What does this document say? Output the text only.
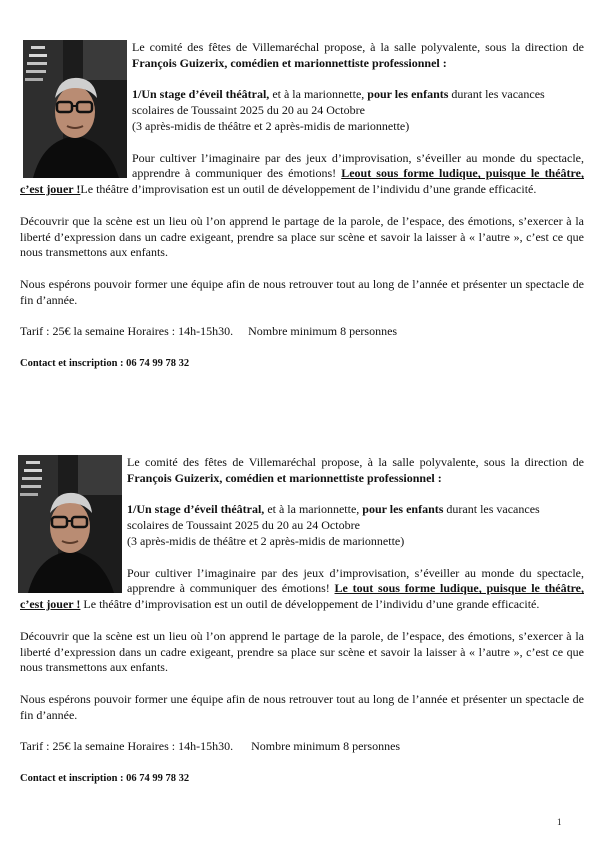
Le comité des fêtes de Villemaréchal propose, à la salle polyvalente, sous la direction de François Guizerix, comédien et marionnettiste professionnel :

1/Un stage d’éveil théâtral, et à la marionnette, pour les enfants durant les vacances scolaires de Toussaint 2025 du 20 au 24 Octobre
(3 après-midis de théâtre et 2 après-midis de marionnette)

Pour cultiver l’imaginaire par des jeux d’improvisation, s’éveiller au monde du spectacle, apprendre à communiquer des émotions! Leout sous forme ludique, puisque le théâtre, c’est jouer !Le théâtre d’improvisation est un outil de développement de l’individu d’une grande efficacité.

Découvrir que la scène est un lieu où l’on apprend le partage de la parole, de l’espace, des émotions, s’exercer à la liberté d’expression dans un cadre exigeant, prendre sa place sur scène et savoir la laisser à « l’autre », c’est ce que nous transmettons aux enfants.

Nous espérons pouvoir former une équipe afin de nous retrouver tout au long de l’année et présenter un spectacle de fin d’année.

Tarif : 25€ la semaine Horaires : 14h-15h30.     Nombre minimum 8 personnes

Contact et inscription : 06 74 99 78 32

Le comité des fêtes de Villemaréchal propose, à la salle polyvalente, sous la direction de François Guizerix, comédien et marionnettiste professionnel :

1/Un stage d’éveil théâtral, et à la marionnette, pour les enfants durant les vacances scolaires de Toussaint 2025 du 20 au 24 Octobre
(3 après-midis de théâtre et 2 après-midis de marionnette)

Pour cultiver l’imaginaire par des jeux d’improvisation, s’éveiller au monde du spectacle, apprendre à communiquer des émotions! Le tout sous forme ludique, puisque le théâtre, c’est jouer ! Le théâtre d’improvisation est un outil de développement de l’individu d’une grande efficacité.

Découvrir que la scène est un lieu où l’on apprend le partage de la parole, de l’espace, des émotions, s’exercer à la liberté d’expression dans un cadre exigeant, prendre sa place sur scène et savoir la laisser à « l’autre », c’est ce que nous transmettons aux enfants.

Nous espérons pouvoir former une équipe afin de nous retrouver tout au long de l’année et présenter un spectacle de fin d’année.

Tarif : 25€ la semaine Horaires : 14h-15h30.      Nombre minimum 8 personnes

Contact et inscription : 06 74 99 78 32

1
